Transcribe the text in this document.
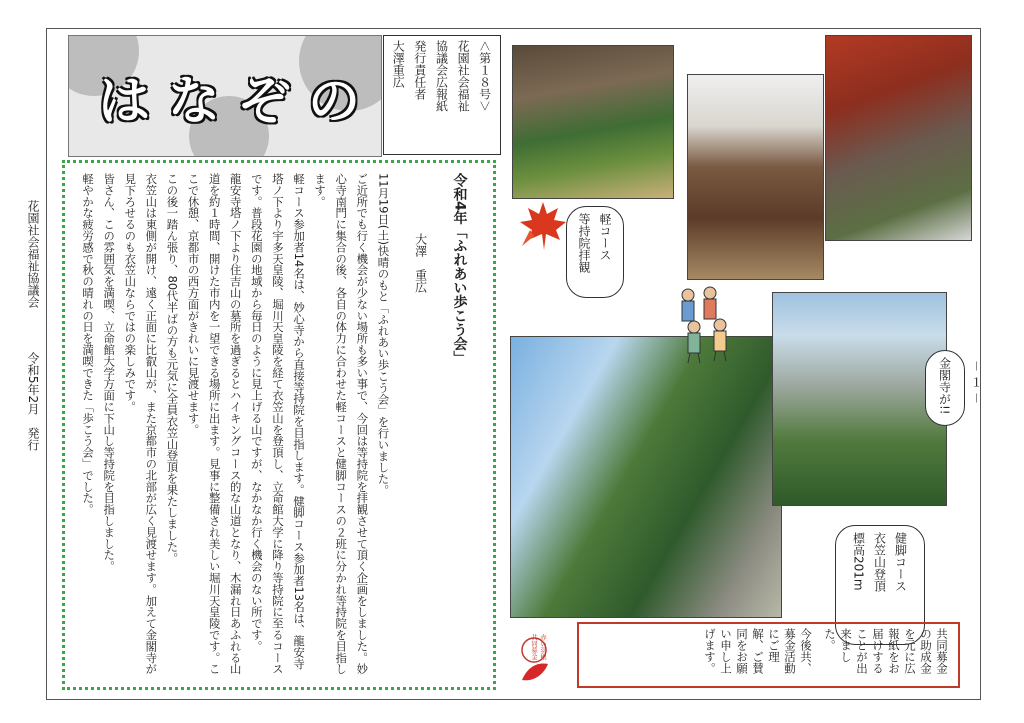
花園社会福祉協議会 令和5年2月　発行
は な ぞ の	＜第１８号＞
花園社会福祉
協議会広報紙
発行責任者
大澤重広

令和4年「ふれあい歩こう会」

大澤　重広

11月19日(土)快晴のもと「ふれあい歩こう会」を行いました。

ご近所でも行く機会が少ない場所も多い事で、今回は等持院を拝観させて頂く企画をしました。妙心寺南門に集合の後、各自の体力に合わせた軽コースと健脚コースの２班に分かれ等持院を目指します。

軽コース参加者14名は、妙心寺から直接等持院を目指します。健脚コース参加者13名は、龍安寺塔ノ下より宇多天皇陵、堀川天皇陵を経て衣笠山を登頂し、立命館大学に降り等持院に至るコースです。普段花園の地域から毎日のように見上げる山ですが、なかなか行く機会のない所です。

龍安寺塔ノ下より住吉山の墓所を過ぎるとハイキングコース的な山道となり、木漏れ日あふれる山道を約１時間、開けた市内を一望できる場所に出ます。見事に整備され美しい堀川天皇陵です。ここで休憩、京都市の西方面がきれいに見渡せます。

この後一踏ん張り、80代半ばの方も元気に全員衣笠山登頂を果たしました。

衣笠山は東側が開け、遠く正面に比叡山が、また京都市の北部が広く見渡せます。加えて金閣寺が見下ろせるのも衣笠山ならではの楽しみです。

皆さん、この雰囲気を満喫、立命館大学方面に下山し等持院を目指しました。

軽やかな疲労感で秋の晴れの日を満喫できた「歩こう会」でした。	軽コース
等持院拝観
金閣寺が!!
健脚コース
衣笠山登頂
標高201m
赤い羽根共同募金	共同募金の助成金を元に広報紙をお届けすることが出来ました。
今後共、募金活動にご理解、ご賛同をお願い申し上げます。
－１－
